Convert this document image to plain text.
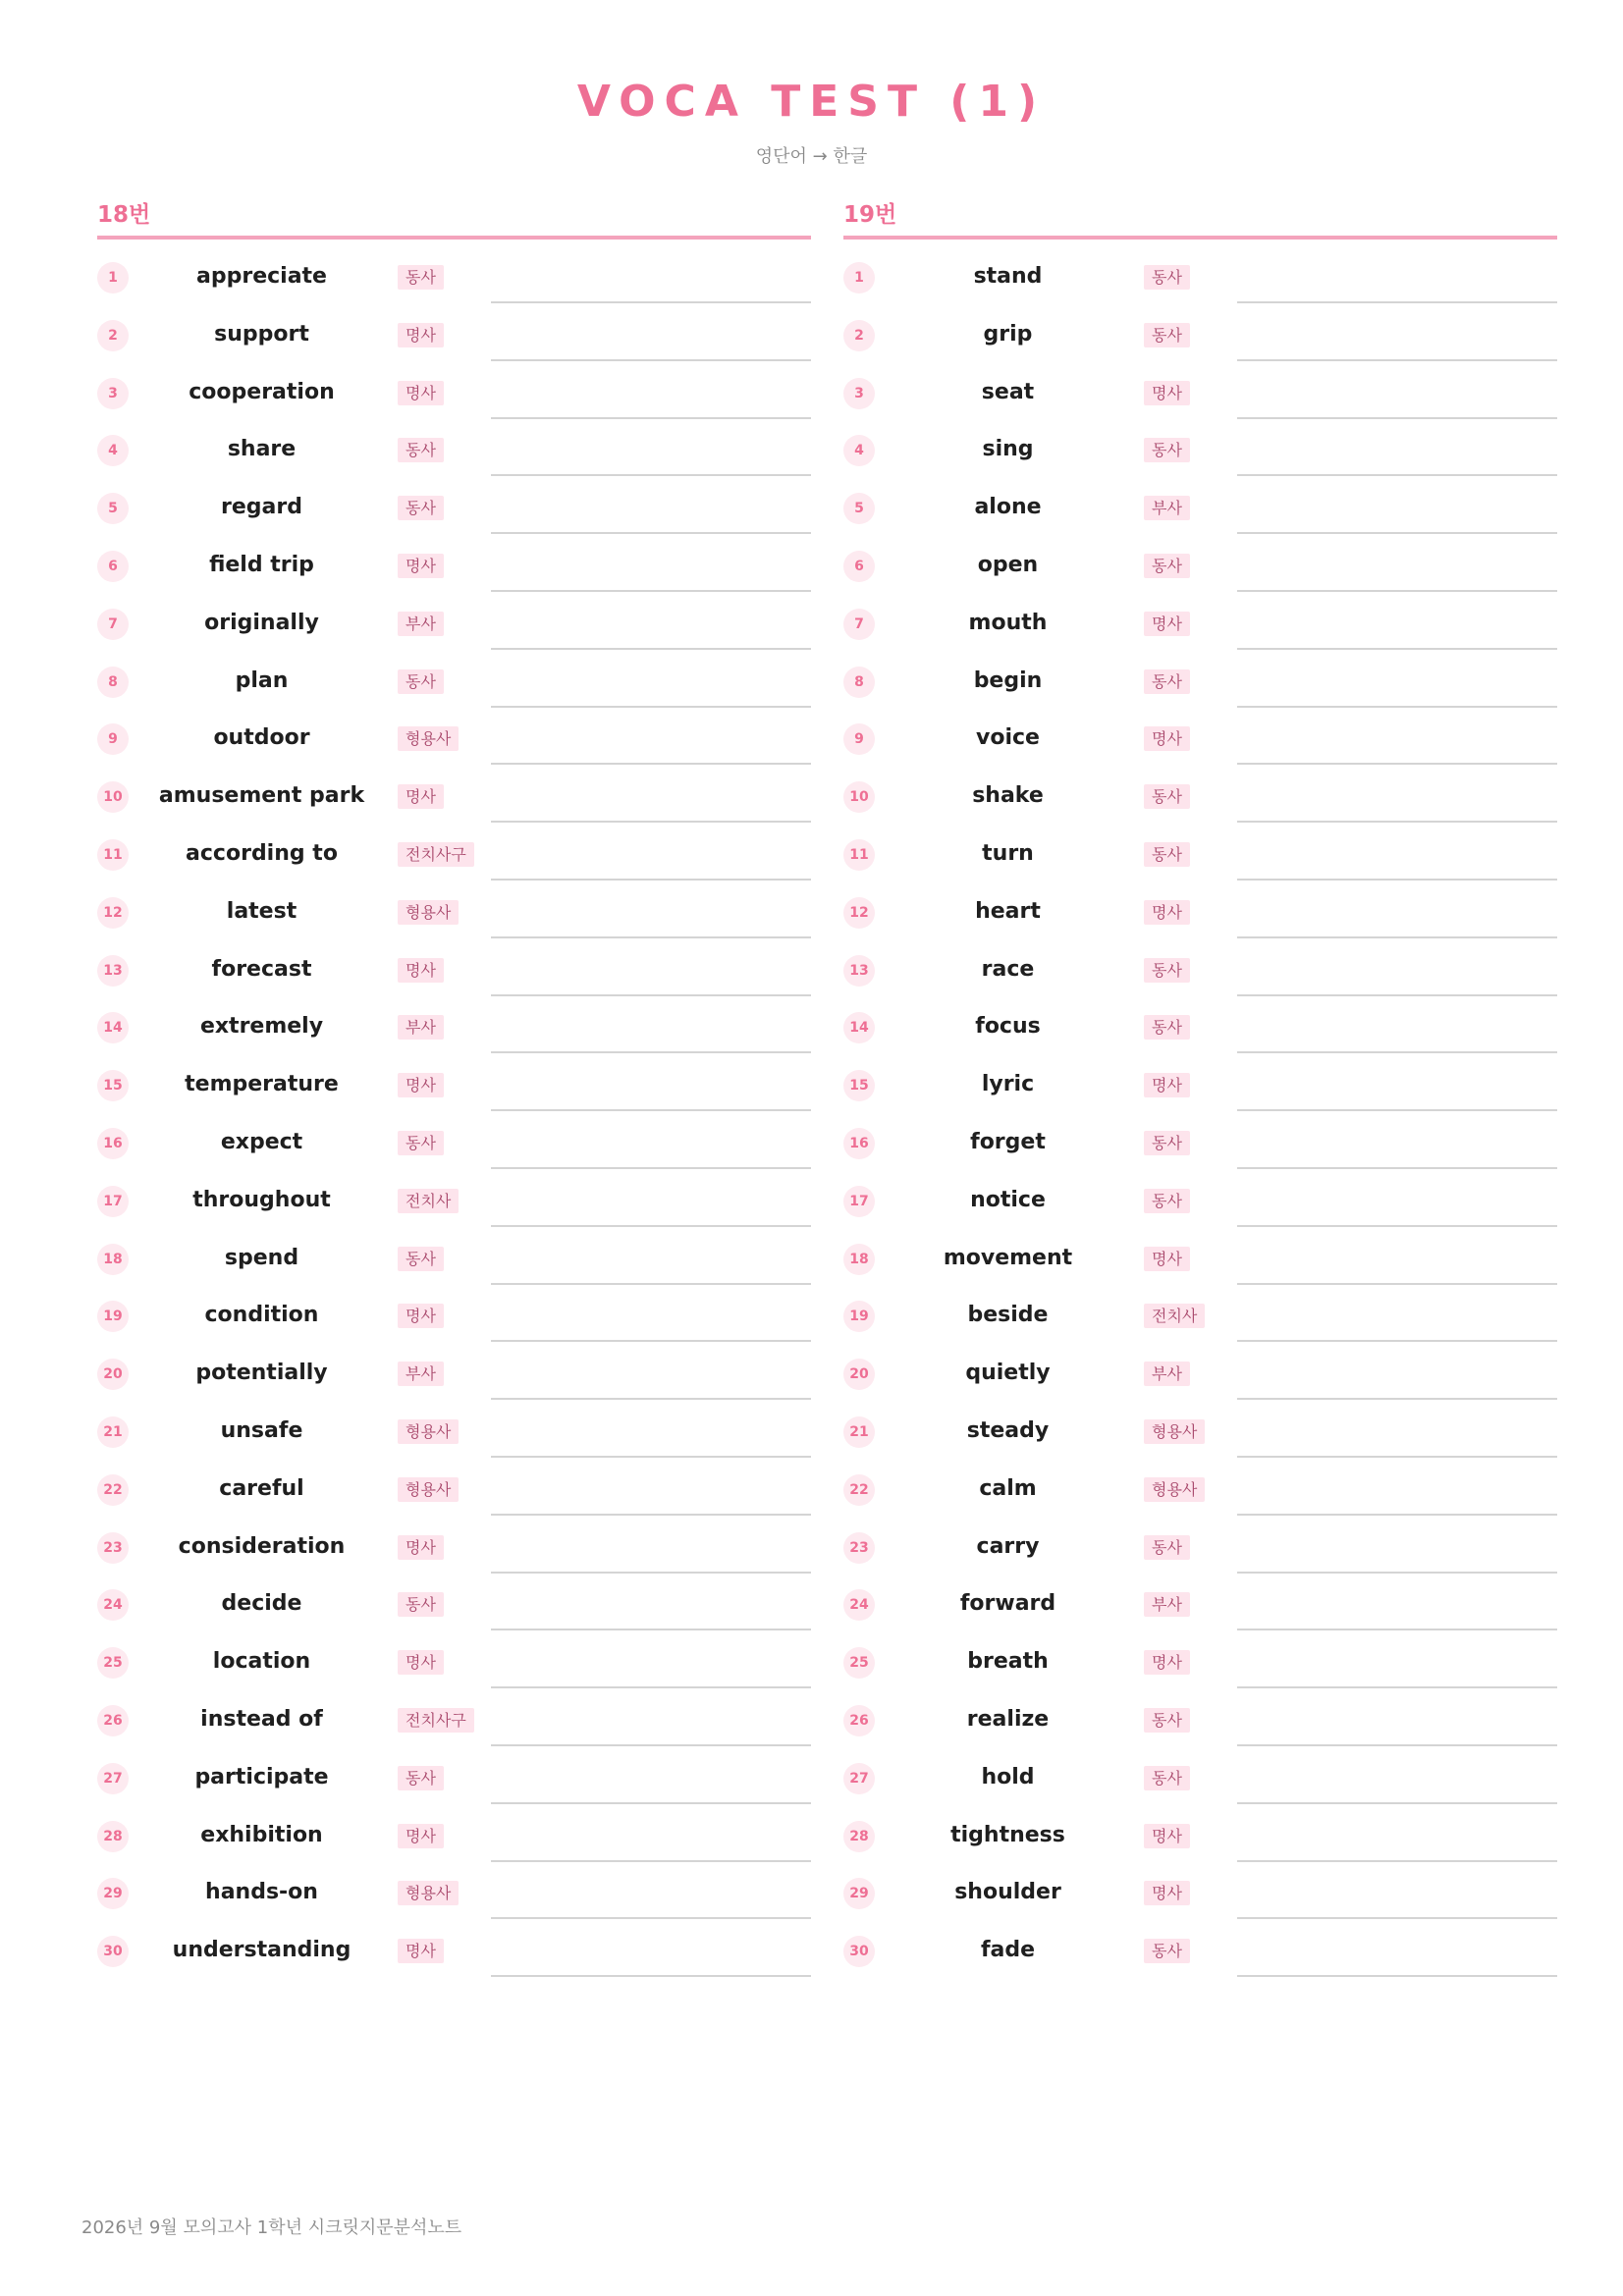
VOCA TEST (1)
영단어 → 한글
18번
1	appreciate	동사
2	support	명사
3	cooperation	명사
4	share	동사
5	regard	동사
6	field trip	명사
7	originally	부사
8	plan	동사
9	outdoor	형용사
10	amusement park	명사
11	according to	전치사구
12	latest	형용사
13	forecast	명사
14	extremely	부사
15	temperature	명사
16	expect	동사
17	throughout	전치사
18	spend	동사
19	condition	명사
20	potentially	부사
21	unsafe	형용사
22	careful	형용사
23	consideration	명사
24	decide	동사
25	location	명사
26	instead of	전치사구
27	participate	동사
28	exhibition	명사
29	hands-on	형용사
30	understanding	명사
19번
1	stand	동사
2	grip	동사
3	seat	명사
4	sing	동사
5	alone	부사
6	open	동사
7	mouth	명사
8	begin	동사
9	voice	명사
10	shake	동사
11	turn	동사
12	heart	명사
13	race	동사
14	focus	동사
15	lyric	명사
16	forget	동사
17	notice	동사
18	movement	명사
19	beside	전치사
20	quietly	부사
21	steady	형용사
22	calm	형용사
23	carry	동사
24	forward	부사
25	breath	명사
26	realize	동사
27	hold	동사
28	tightness	명사
29	shoulder	명사
30	fade	동사
2026년 9월 모의고사 1학년 시크릿지문분석노트
